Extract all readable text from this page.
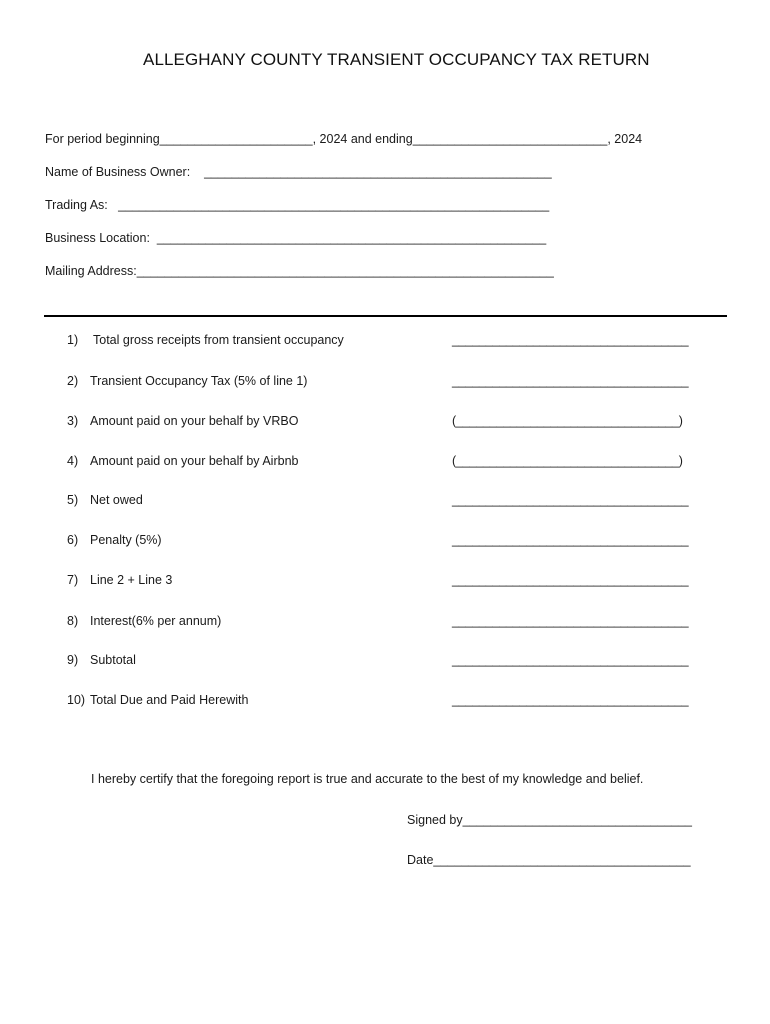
ALLEGHANY COUNTY TRANSIENT OCCUPANCY TAX RETURN
For period beginning______________________, 2024 and ending____________________________, 2024
Name of Business Owner:    __________________________________________________
Trading As:   ______________________________________________________________
Business Location:  ________________________________________________________
Mailing Address:____________________________________________________________
1) Total gross receipts from transient occupancy	___________________________________
2) Transient Occupancy Tax (5% of line 1)	___________________________________
3) Amount paid on your behalf by VRBO	(_________________________________)
4) Amount paid on your behalf by Airbnb	(_________________________________)
5) Net owed	___________________________________
6) Penalty (5%)	___________________________________
7) Line 2 + Line 3	___________________________________
8) Interest(6% per annum)	___________________________________
9) Subtotal	___________________________________
10) Total Due and Paid Herewith	___________________________________
I hereby certify that the foregoing report is true and accurate to the best of my knowledge and belief.
Signed by_________________________________
Date_____________________________________
